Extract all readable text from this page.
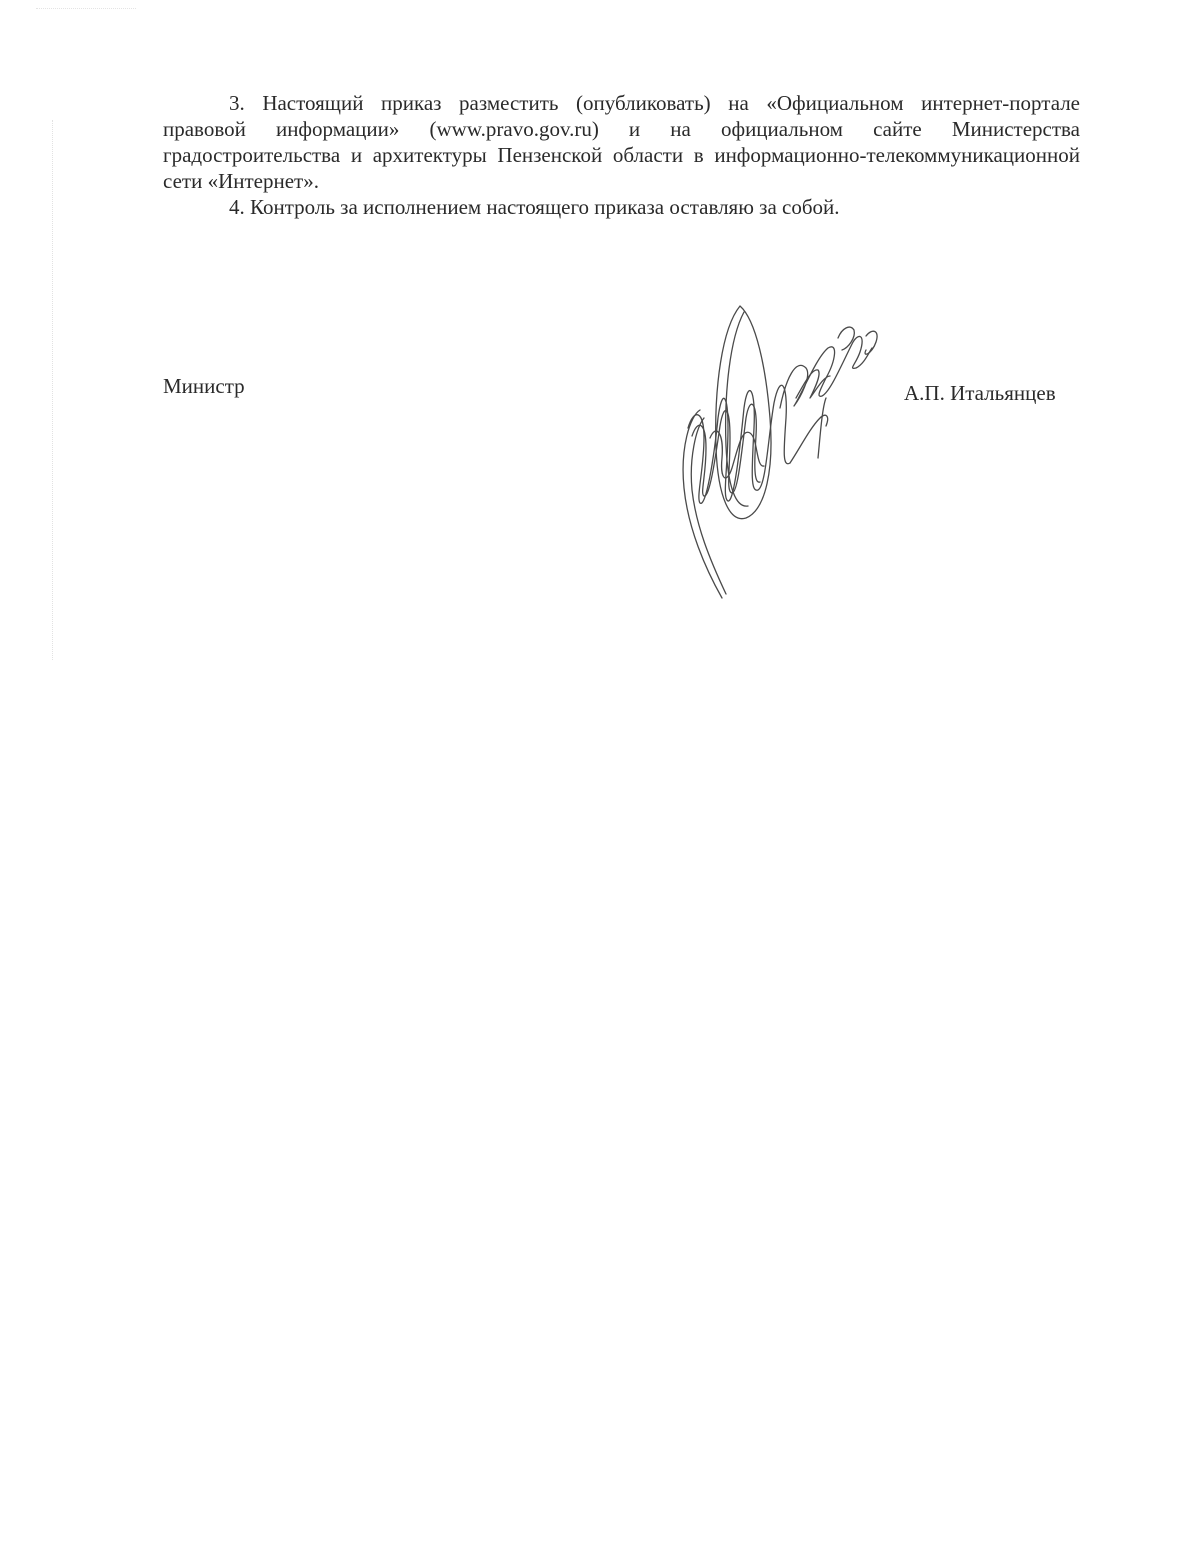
3. Настоящий приказ разместить (опубликовать) на «Официальном интернет-портале правовой информации» (www.pravo.gov.ru) и на официальном сайте Министерства градостроительства и архитектуры Пензенской области в информационно-телекоммуникационной сети «Интернет».

4. Контроль за исполнением настоящего приказа оставляю за собой.

Министр	А.П. Итальянцев
